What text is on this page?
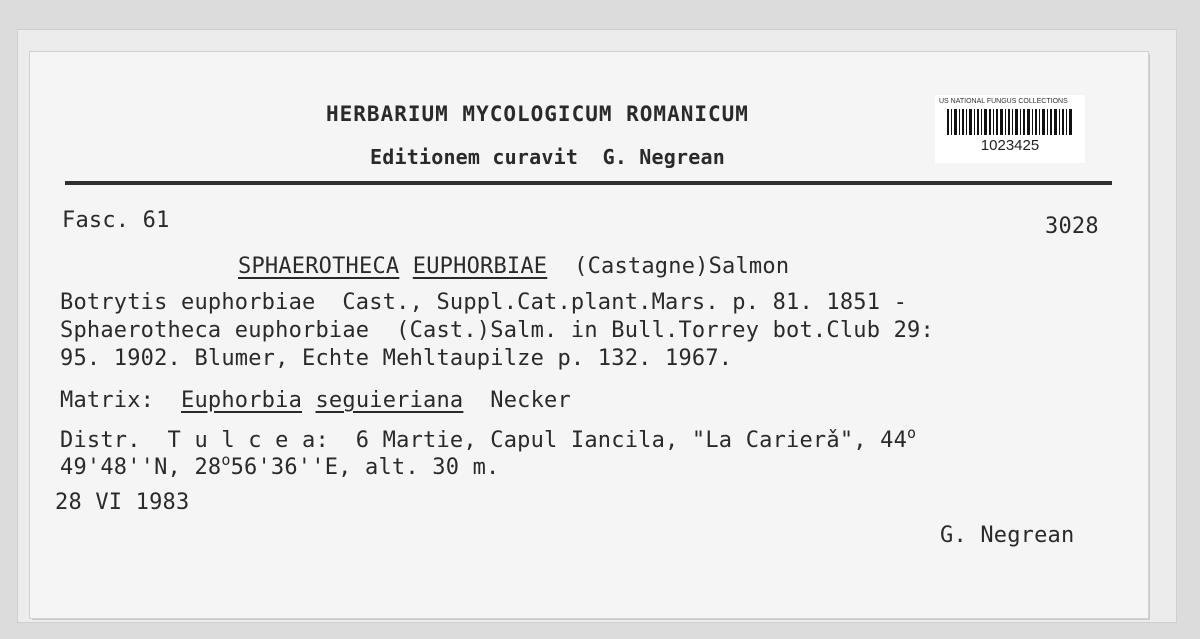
HERBARIUM MYCOLOGICUM ROMANICUM
Editionem curavit  G. Negrean
US NATIONAL FUNGUS COLLECTIONS
1023425
Fasc. 61	3028
SPHAEROTHECA EUPHORBIAE (Castagne)Salmon
Botrytis euphorbiae  Cast., Suppl.Cat.plant.Mars. p. 81. 1851 -
Sphaerotheca euphorbiae  (Cast.)Salm. in Bull.Torrey bot.Club 29:
95. 1902. Blumer, Echte Mehltaupilze p. 132. 1967.
Matrix: Euphorbia seguieriana Necker
Distr.  T u l c e a:  6 Martie, Capul Iancila, "La Carierǎ", 44$^o$
49'48''N, 28$^o$56'36''E, alt. 30 m.
28 VI 1983
G. Negrean
